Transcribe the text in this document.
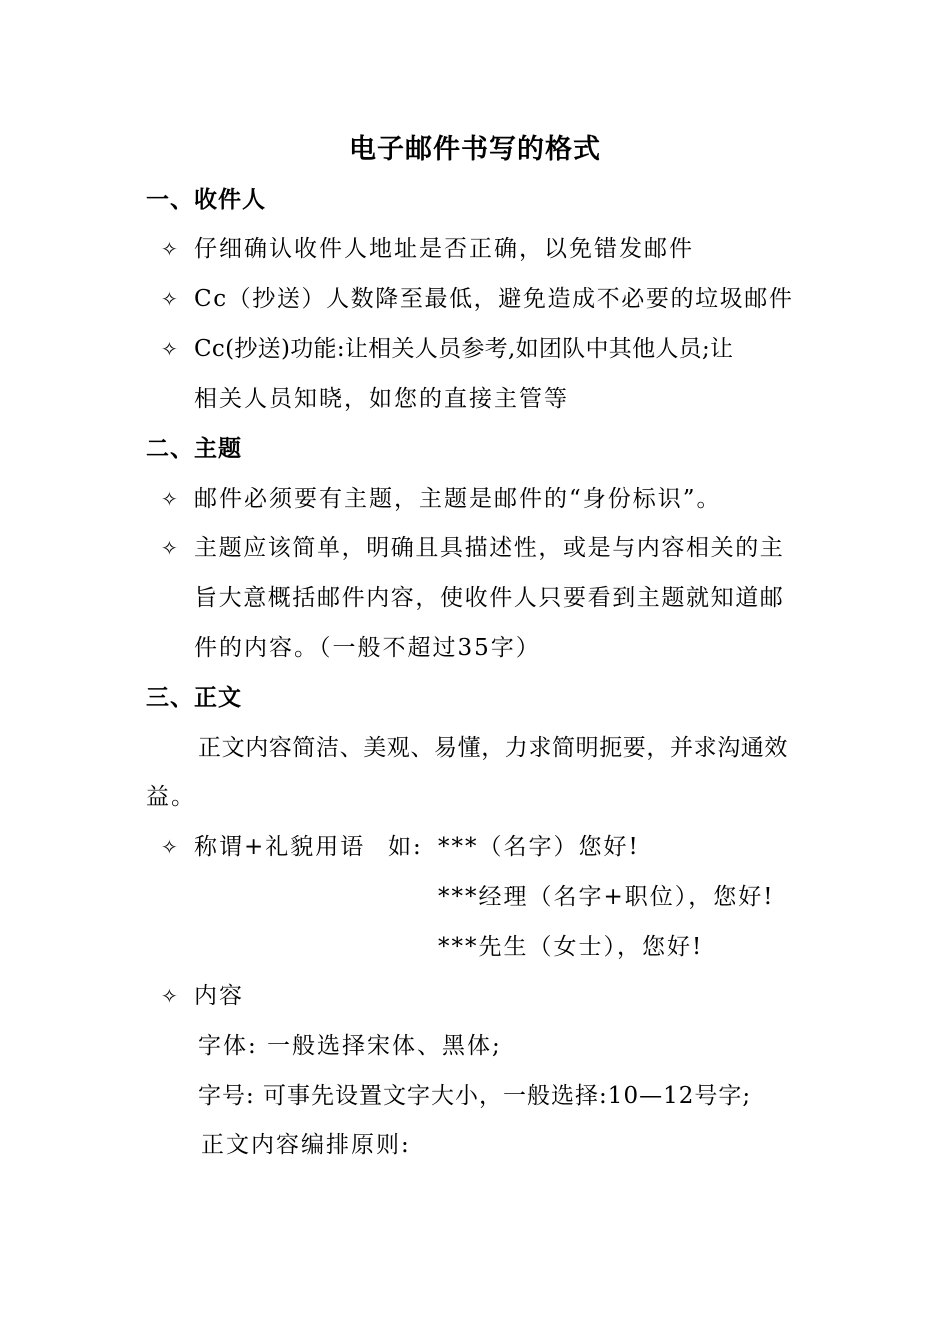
电子邮件书写的格式
一、收件人
✧ 仔细确认收件人地址是否正确，以免错发邮件
✧ Cc（抄送）人数降至最低，避免造成不必要的垃圾邮件
✧ Cc(抄送)功能:让相关人员参考,如团队中其他人员;让
相关人员知晓，如您的直接主管等
二、主题
✧ 邮件必须要有主题，主题是邮件的“身份标识”。
✧ 主题应该简单，明确且具描述性，或是与内容相关的主
旨大意概括邮件内容，使收件人只要看到主题就知道邮
件的内容。（一般不超过35字）
三、正文
正文内容简洁、美观、易懂，力求简明扼要，并求沟通效
益。
✧ 称谓+礼貌用语 如: ***（名字）您好!
***经理（名字+职位），您好!
***先生（女士），您好!
✧ 内容
字体: 一般选择宋体、黑体;
字号: 可事先设置文字大小，一般选择:10—12号字;
正文内容编排原则:
